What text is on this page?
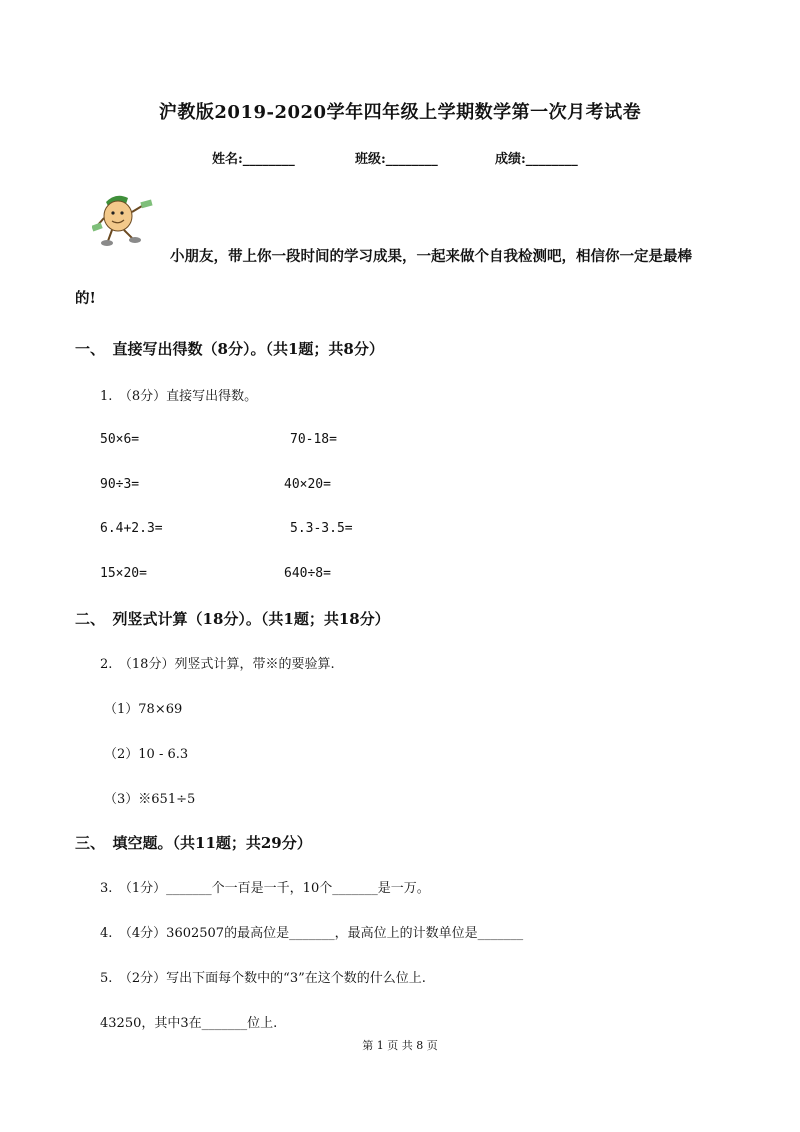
沪教版2019-2020学年四年级上学期数学第一次月考试卷
姓名:________	班级:________	成绩:________
小朋友，带上你一段时间的学习成果，一起来做个自我检测吧，相信你一定是最棒
的!
一、　直接写出得数（8分）。（共1题；共8分）
1.　（8分）直接写出得数。
50×6=	70-18=
90÷3=	40×20=
6.4+2.3=	5.3-3.5=
15×20=	640÷8=
二、　列竖式计算（18分）。（共1题；共18分）
2.　（18分）列竖式计算，带※的要验算.
（1）78×69
（2）10 - 6.3
（3）※651÷5
三、　填空题。（共11题；共29分）
3.　（1分）_______个一百是一千，10个_______是一万。
4.　（4分）3602507的最高位是_______，最高位上的计数单位是_______
5.　（2分）写出下面每个数中的“3”在这个数的什么位上.
43250，其中3在_______位上.
第 1 页 共 8 页
